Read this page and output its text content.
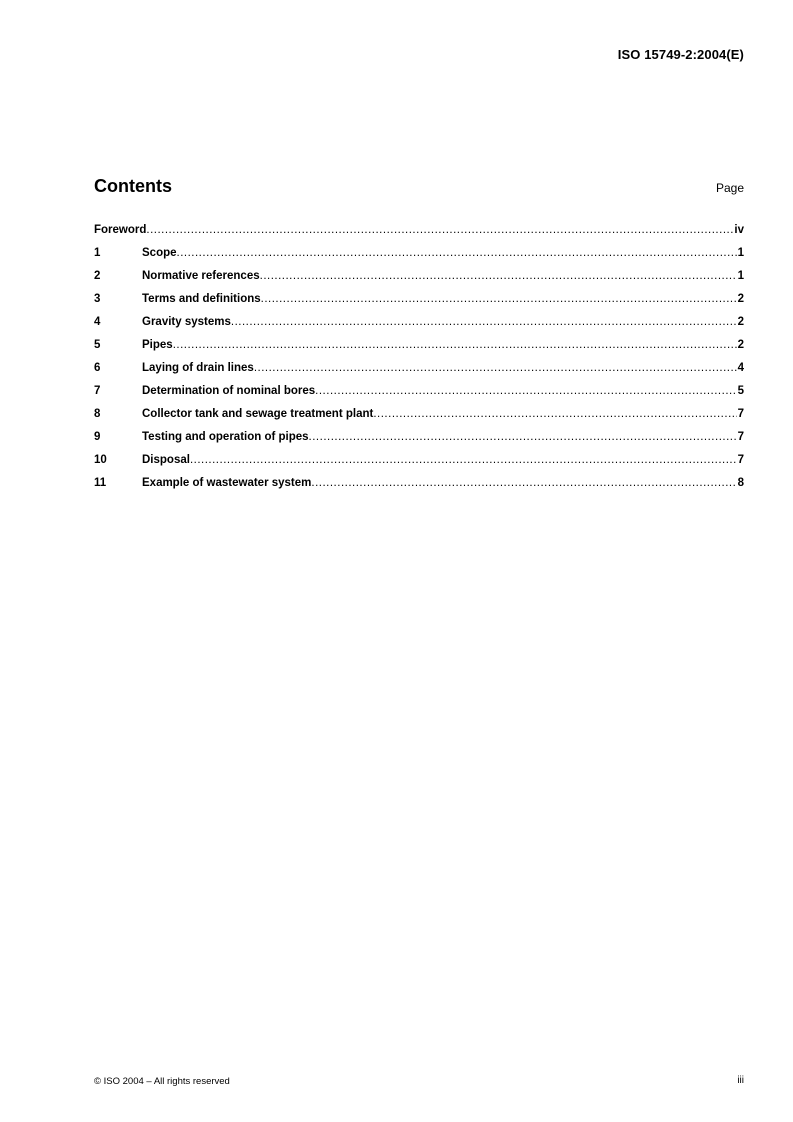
ISO 15749-2:2004(E)
Contents	Page
Foreword .....	iv
1	Scope .....	1
2	Normative references .....	1
3	Terms and definitions .....	2
4	Gravity systems .....	2
5	Pipes .....	2
6	Laying of drain lines .....	4
7	Determination of nominal bores .....	5
8	Collector tank and sewage treatment plant .....	7
9	Testing and operation of pipes .....	7
10	Disposal .....	7
11	Example of wastewater system .....	8
© ISO 2004 – All rights reserved	iii
